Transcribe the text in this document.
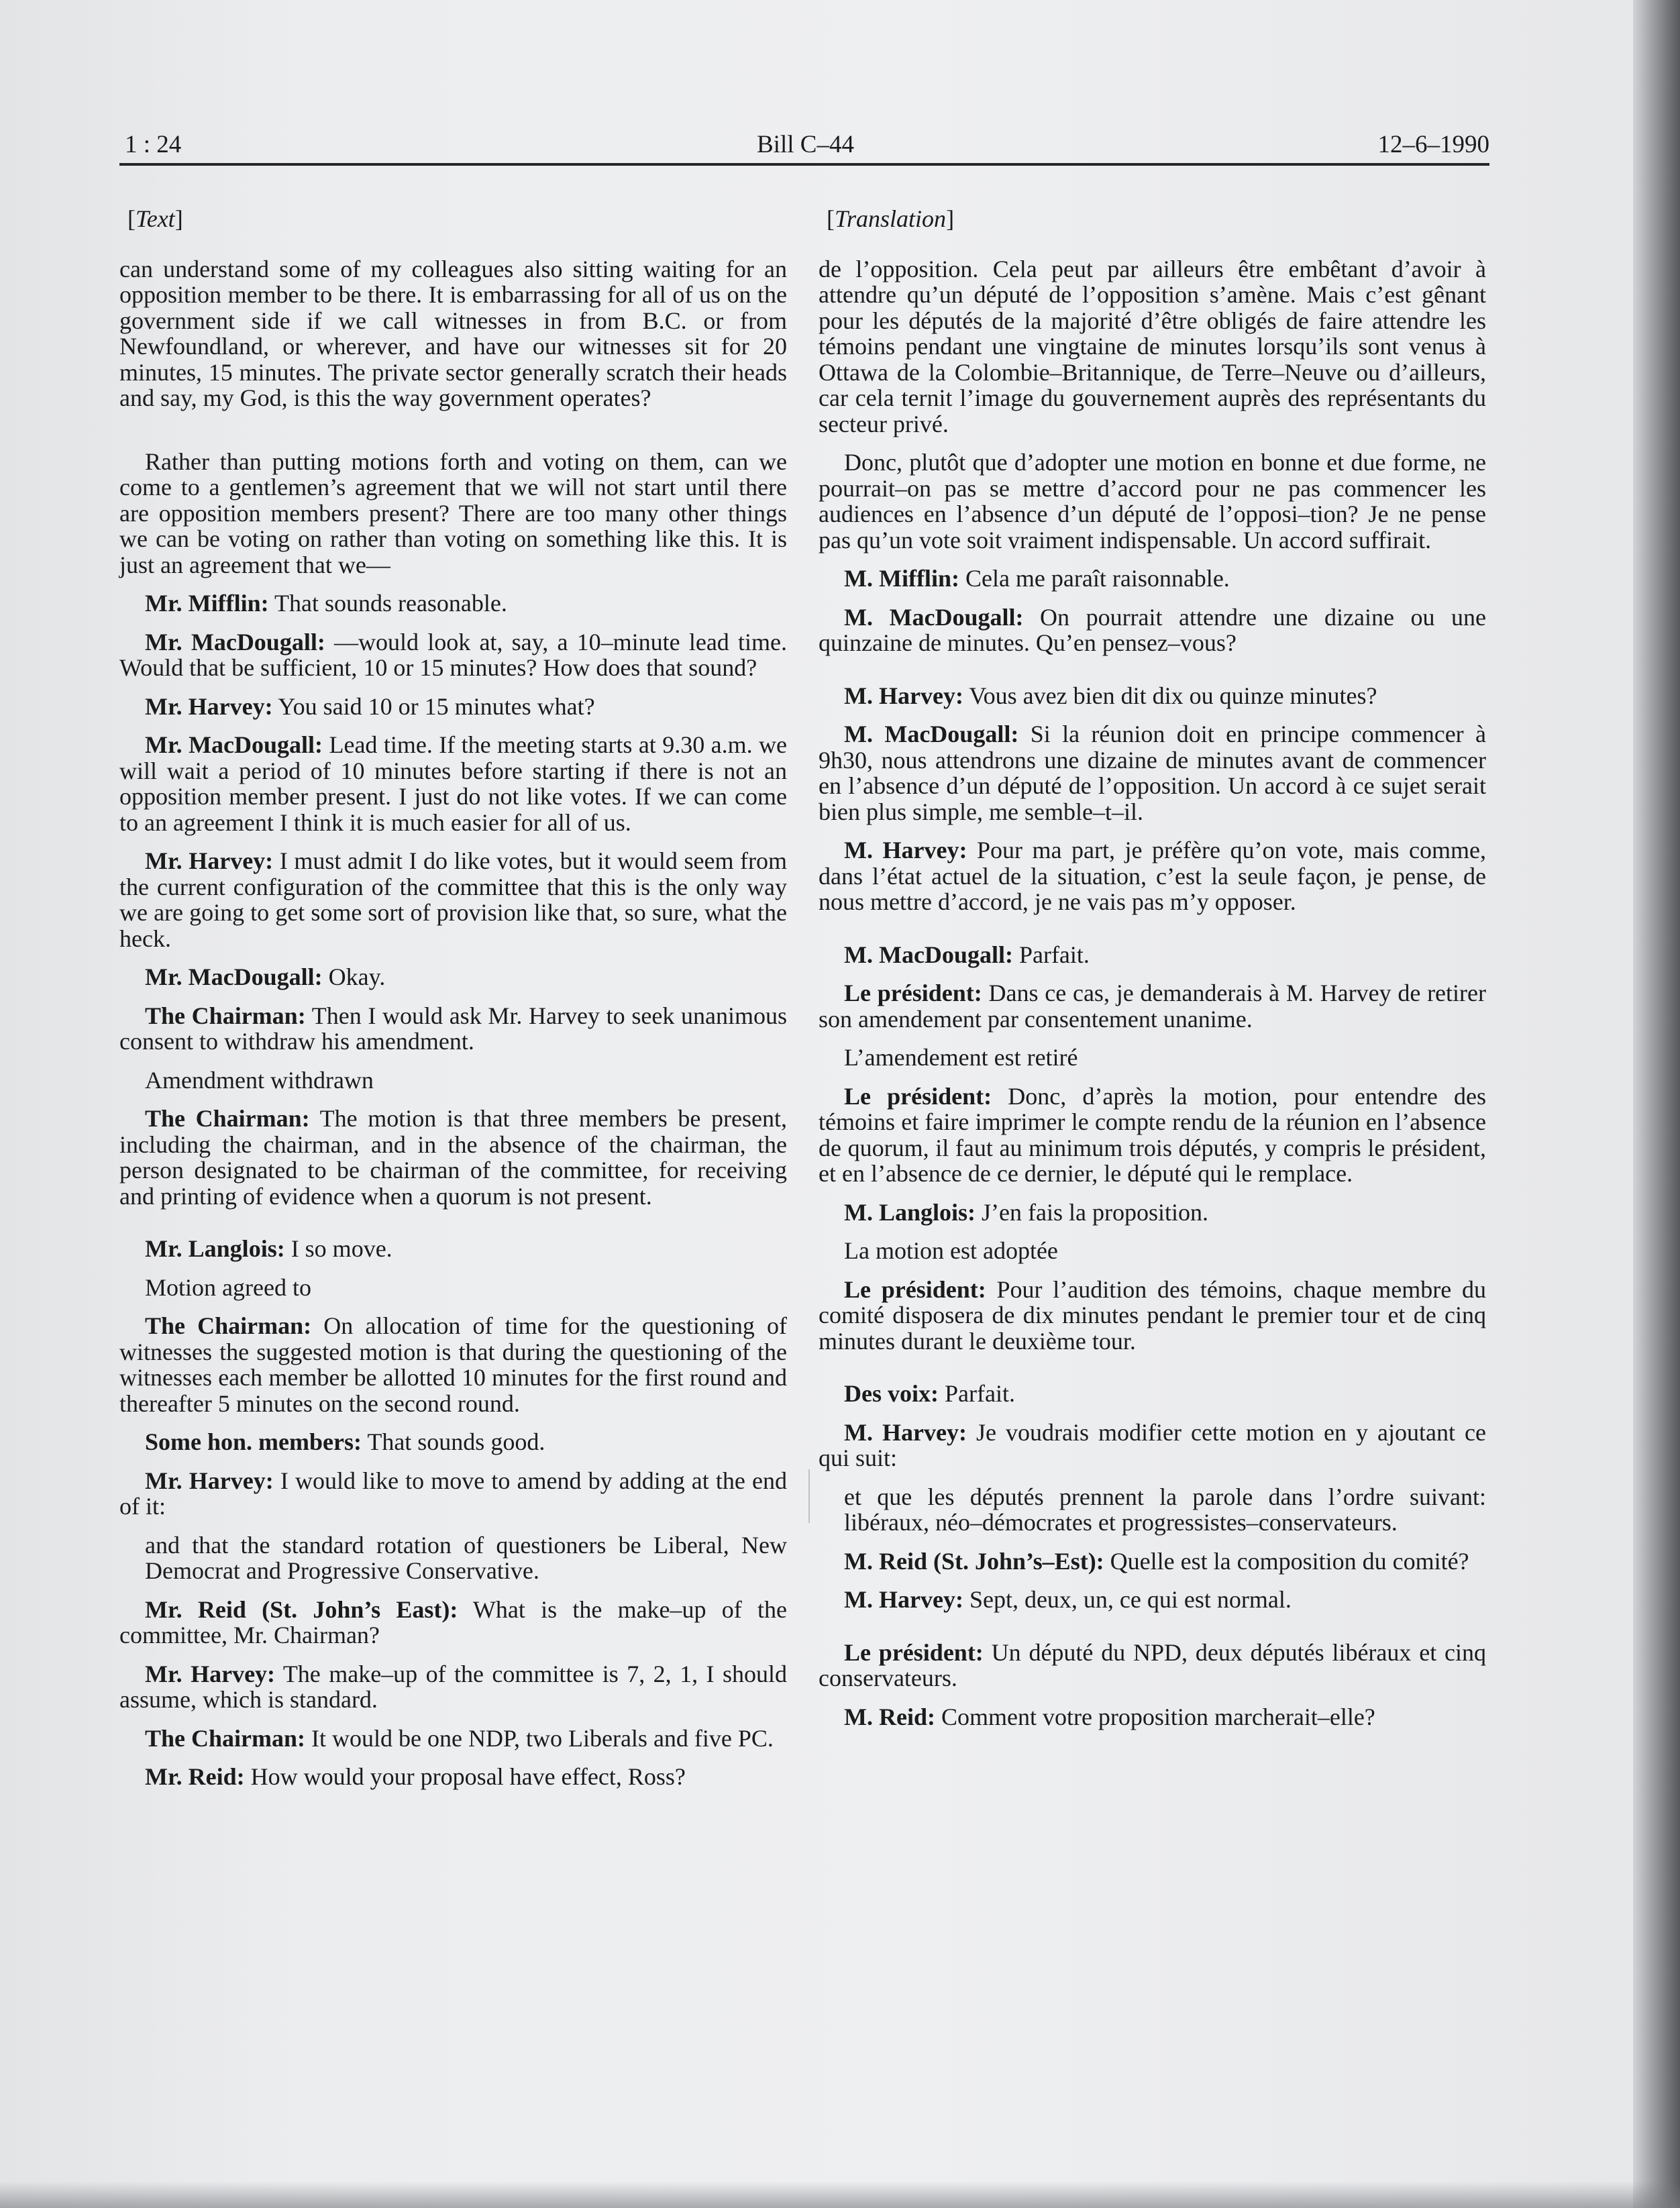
1 : 24	Bill C–44	12–6–1990
[Text]
can understand some of my colleagues also sitting waiting for an opposition member to be there. It is embarrassing for all of us on the government side if we call witnesses in from B.C. or from Newfoundland, or wherever, and have our witnesses sit for 20 minutes, 15 minutes. The private sector generally scratch their heads and say, my God, is this the way government operates?
Rather than putting motions forth and voting on them, can we come to a gentlemen’s agreement that we will not start until there are opposition members present? There are too many other things we can be voting on rather than voting on something like this. It is just an agreement that we—
Mr. Mifflin: That sounds reasonable.
Mr. MacDougall: —would look at, say, a 10–minute lead time. Would that be sufficient, 10 or 15 minutes? How does that sound?
Mr. Harvey: You said 10 or 15 minutes what?
Mr. MacDougall: Lead time. If the meeting starts at 9.30 a.m. we will wait a period of 10 minutes before starting if there is not an opposition member present. I just do not like votes. If we can come to an agreement I think it is much easier for all of us.
Mr. Harvey: I must admit I do like votes, but it would seem from the current configuration of the committee that this is the only way we are going to get some sort of provision like that, so sure, what the heck.
Mr. MacDougall: Okay.
The Chairman: Then I would ask Mr. Harvey to seek unanimous consent to withdraw his amendment.
Amendment withdrawn
The Chairman: The motion is that three members be present, including the chairman, and in the absence of the chairman, the person designated to be chairman of the committee, for receiving and printing of evidence when a quorum is not present.
Mr. Langlois: I so move.
Motion agreed to
The Chairman: On allocation of time for the questioning of witnesses the suggested motion is that during the questioning of the witnesses each member be allotted 10 minutes for the first round and thereafter 5 minutes on the second round.
Some hon. members: That sounds good.
Mr. Harvey: I would like to move to amend by adding at the end of it:
and that the standard rotation of questioners be Liberal, New Democrat and Progressive Conservative.
Mr. Reid (St. John’s East): What is the make–up of the committee, Mr. Chairman?
Mr. Harvey: The make–up of the committee is 7, 2, 1, I should assume, which is standard.
The Chairman: It would be one NDP, two Liberals and five PC.
Mr. Reid: How would your proposal have effect, Ross?
[Translation]
de l’opposition. Cela peut par ailleurs être embêtant d’avoir à attendre qu’un député de l’opposition s’amène. Mais c’est gênant pour les députés de la majorité d’être obligés de faire attendre les témoins pendant une vingtaine de minutes lorsqu’ils sont venus à Ottawa de la Colombie–Britannique, de Terre–Neuve ou d’ailleurs, car cela ternit l’image du gouvernement auprès des représentants du secteur privé.
Donc, plutôt que d’adopter une motion en bonne et due forme, ne pourrait–on pas se mettre d’accord pour ne pas commencer les audiences en l’absence d’un député de l’opposi–tion? Je ne pense pas qu’un vote soit vraiment indispensable. Un accord suffirait.
M. Mifflin: Cela me paraît raisonnable.
M. MacDougall: On pourrait attendre une dizaine ou une quinzaine de minutes. Qu’en pensez–vous?
M. Harvey: Vous avez bien dit dix ou quinze minutes?
M. MacDougall: Si la réunion doit en principe commencer à 9h30, nous attendrons une dizaine de minutes avant de commencer en l’absence d’un député de l’opposition. Un accord à ce sujet serait bien plus simple, me semble–t–il.
M. Harvey: Pour ma part, je préfère qu’on vote, mais comme, dans l’état actuel de la situation, c’est la seule façon, je pense, de nous mettre d’accord, je ne vais pas m’y opposer.
M. MacDougall: Parfait.
Le président: Dans ce cas, je demanderais à M. Harvey de retirer son amendement par consentement unanime.
L’amendement est retiré
Le président: Donc, d’après la motion, pour entendre des témoins et faire imprimer le compte rendu de la réunion en l’absence de quorum, il faut au minimum trois députés, y compris le président, et en l’absence de ce dernier, le député qui le remplace.
M. Langlois: J’en fais la proposition.
La motion est adoptée
Le président: Pour l’audition des témoins, chaque membre du comité disposera de dix minutes pendant le premier tour et de cinq minutes durant le deuxième tour.
Des voix: Parfait.
M. Harvey: Je voudrais modifier cette motion en y ajoutant ce qui suit:
et que les députés prennent la parole dans l’ordre suivant: libéraux, néo–démocrates et progressistes–conservateurs.
M. Reid (St. John’s–Est): Quelle est la composition du comité?
M. Harvey: Sept, deux, un, ce qui est normal.
Le président: Un député du NPD, deux députés libéraux et cinq conservateurs.
M. Reid: Comment votre proposition marcherait–elle?
